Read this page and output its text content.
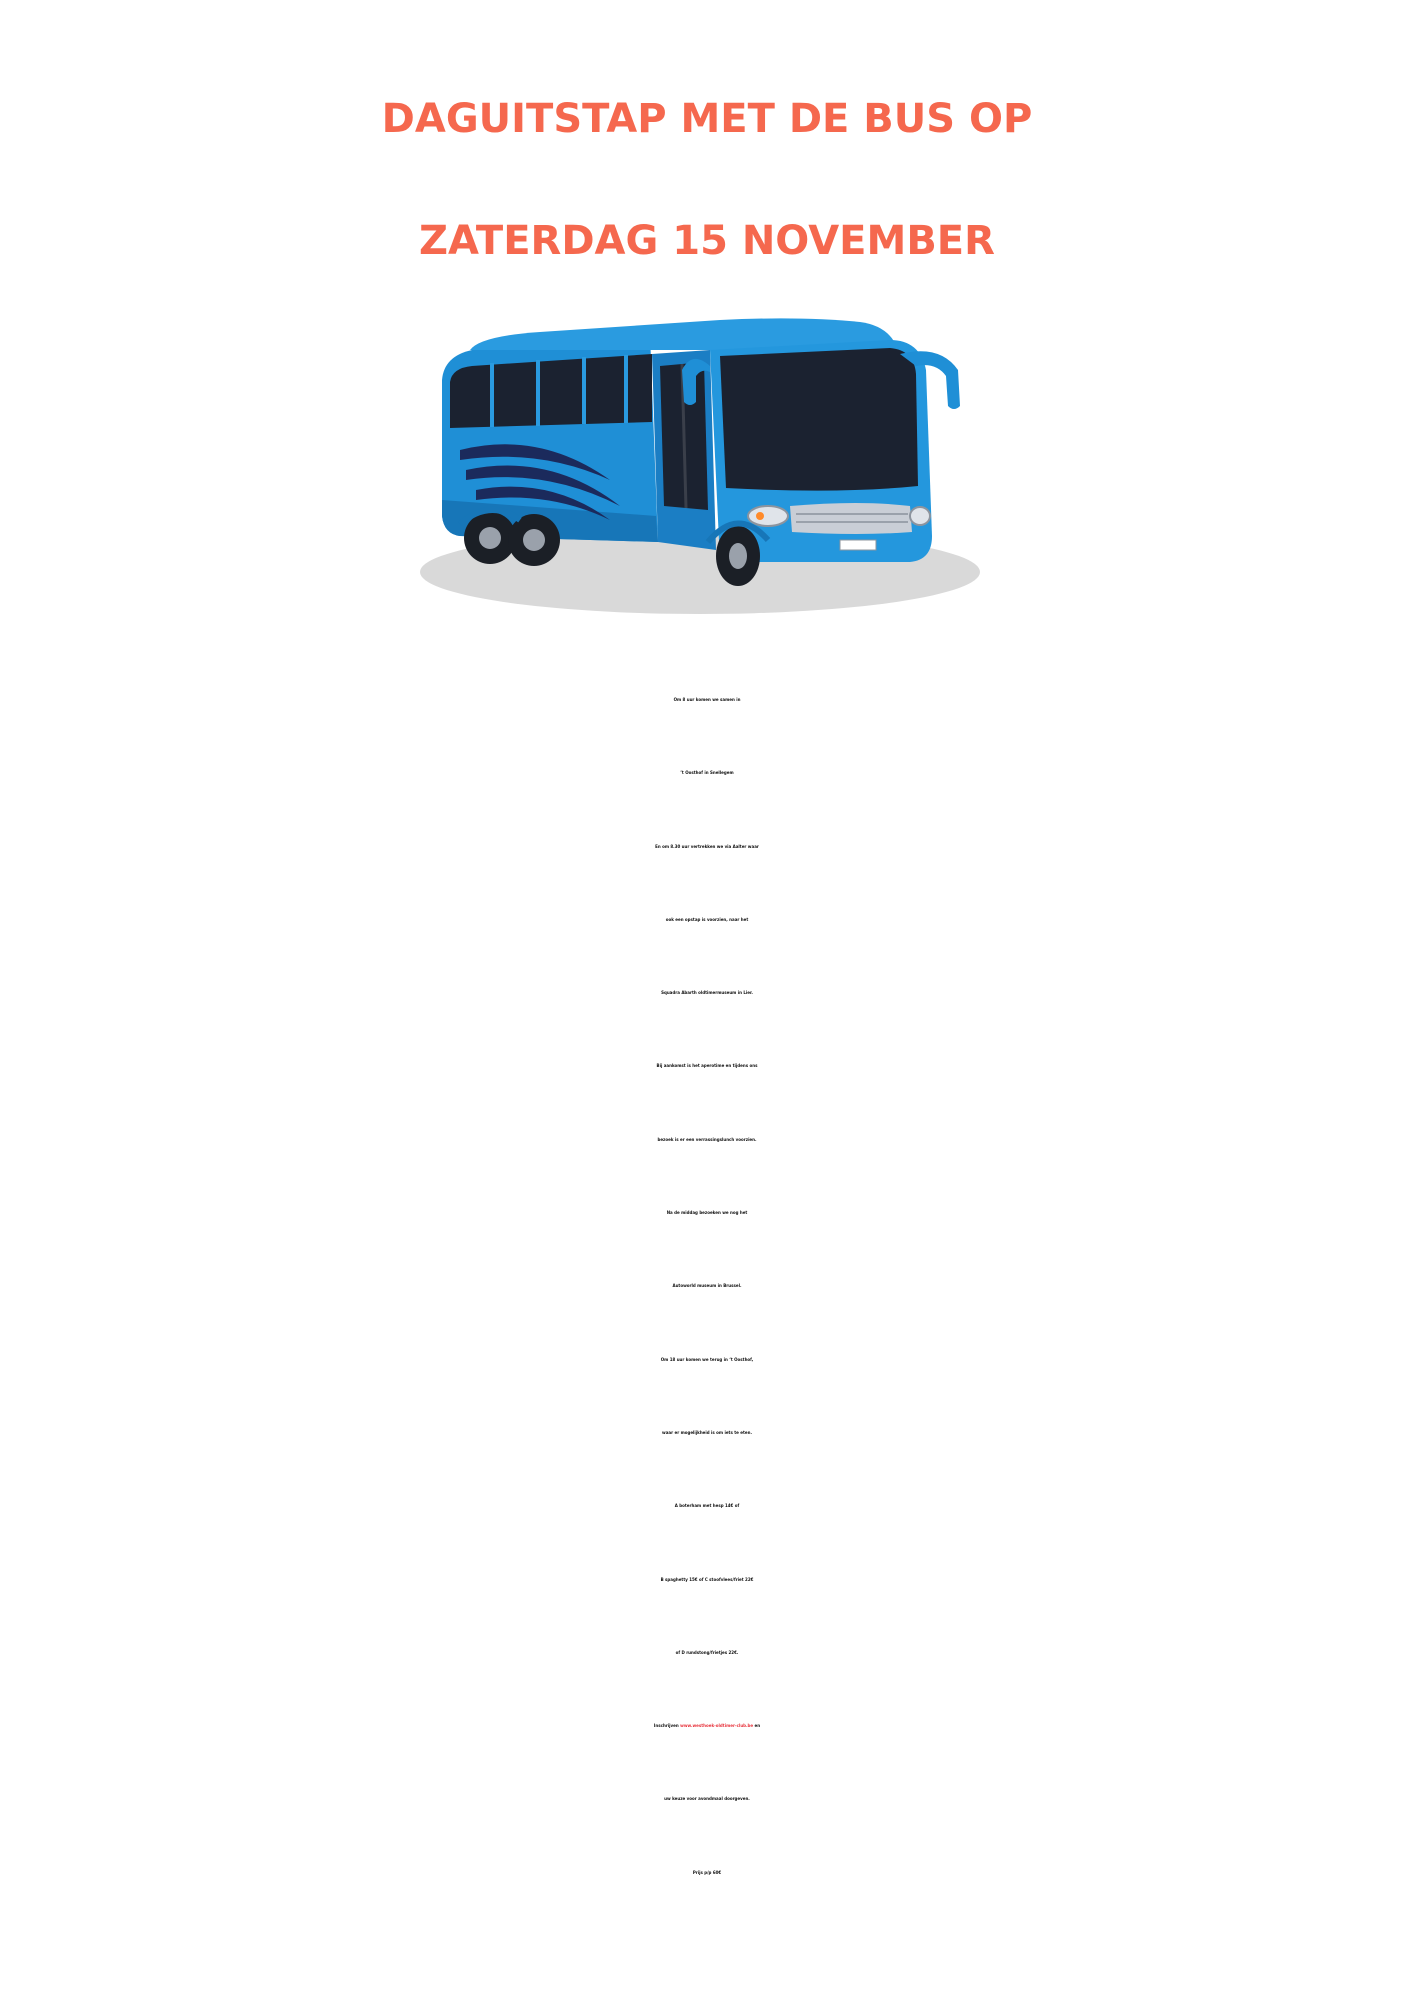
DAGUITSTAP MET DE BUS OP
ZATERDAG 15 NOVEMBER
Om 8 uur komen we samen in
’t Oosthof in Snellegem
En om 8.30 uur vertrekken we via Aalter waar
ook een opstap is voorzien, naar het
Squadra Abarth oldtimermuseum in Lier.
Bij aankomst is het aperotime en tijdens ons
bezoek is er een verrassingslunch voorzien.
Na de middag bezoeken we nog het
Autoworld museum in Brussel.
Om 18 uur komen we terug in ‘t Oosthof,
waar er mogelijkheid is om iets te eten.
A boterham met hesp 14€ of
B spaghetty 15€ of C stoofvlees/friet 22€
of D rundstong/frietjes 22€.
Inschrijven www.westhoek-oldtimer-club.be en
uw keuze voor avondmaal doorgeven.
Prijs p/p 60€
